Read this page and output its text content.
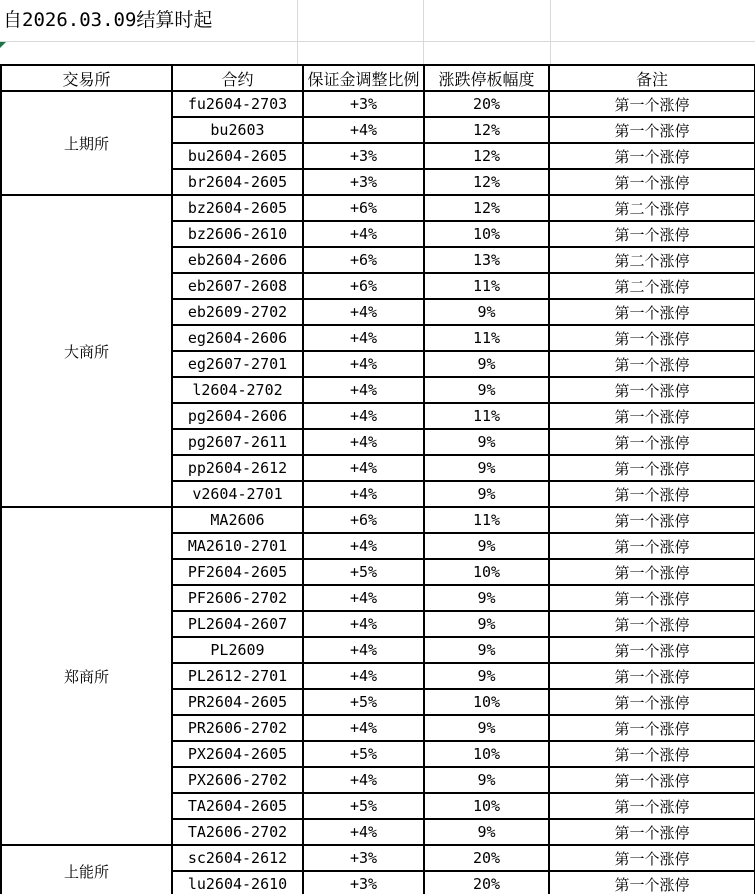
自2026.03.09结算时起
交易所	合约	保证金调整比例	涨跌停板幅度	备注
上期所	fu2604-2703	+3%	20%	第一个涨停
	bu2603	+4%	12%	第一个涨停
	bu2604-2605	+3%	12%	第一个涨停
	br2604-2605	+3%	12%	第一个涨停
大商所	bz2604-2605	+6%	12%	第二个涨停
	bz2606-2610	+4%	10%	第一个涨停
	eb2604-2606	+6%	13%	第二个涨停
	eb2607-2608	+6%	11%	第二个涨停
	eb2609-2702	+4%	9%	第一个涨停
	eg2604-2606	+4%	11%	第一个涨停
	eg2607-2701	+4%	9%	第一个涨停
	l2604-2702	+4%	9%	第一个涨停
	pg2604-2606	+4%	11%	第一个涨停
	pg2607-2611	+4%	9%	第一个涨停
	pp2604-2612	+4%	9%	第一个涨停
	v2604-2701	+4%	9%	第一个涨停
郑商所	MA2606	+6%	11%	第一个涨停
	MA2610-2701	+4%	9%	第一个涨停
	PF2604-2605	+5%	10%	第一个涨停
	PF2606-2702	+4%	9%	第一个涨停
	PL2604-2607	+4%	9%	第一个涨停
	PL2609	+4%	9%	第一个涨停
	PL2612-2701	+4%	9%	第一个涨停
	PR2604-2605	+5%	10%	第一个涨停
	PR2606-2702	+4%	9%	第一个涨停
	PX2604-2605	+5%	10%	第一个涨停
	PX2606-2702	+4%	9%	第一个涨停
	TA2604-2605	+5%	10%	第一个涨停
	TA2606-2702	+4%	9%	第一个涨停
上能所	sc2604-2612	+3%	20%	第一个涨停
	lu2604-2610	+3%	20%	第一个涨停
